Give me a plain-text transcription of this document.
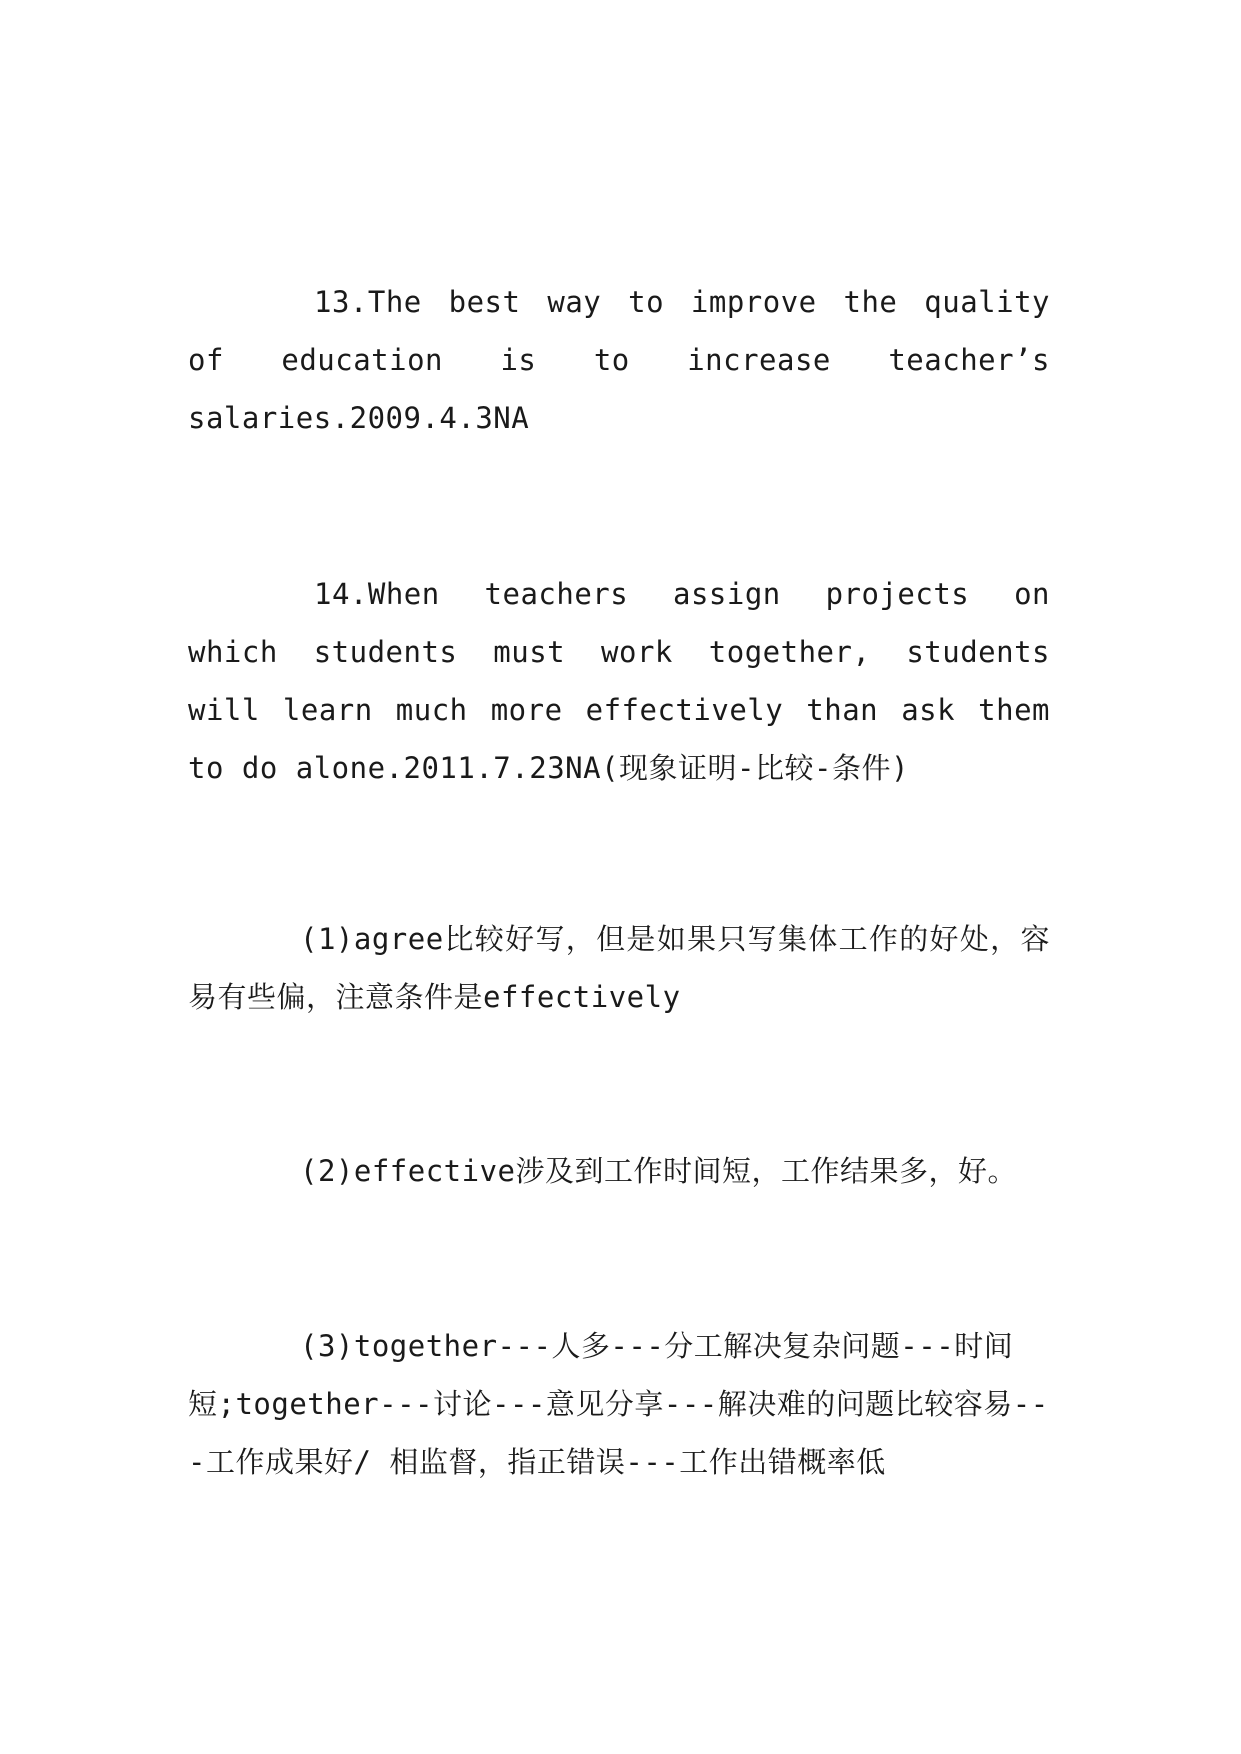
13.The best way to improve the quality of education is to increase teacher’s salaries.2009.4.3NA

14.When teachers assign projects on which students must work together, students will learn much more effectively than ask them to do alone.2011.7.23NA(现象证明-比较-条件)

(1)agree比较好写，但是如果只写集体工作的好处，容易有些偏，注意条件是effectively

(2)effective涉及到工作时间短，工作结果多，好。

(3)together---人多---分工解决复杂问题---时间短;together---讨论---意见分享---解决难的问题比较容易---工作成果好/ 相监督，指正错误---工作出错概率低
